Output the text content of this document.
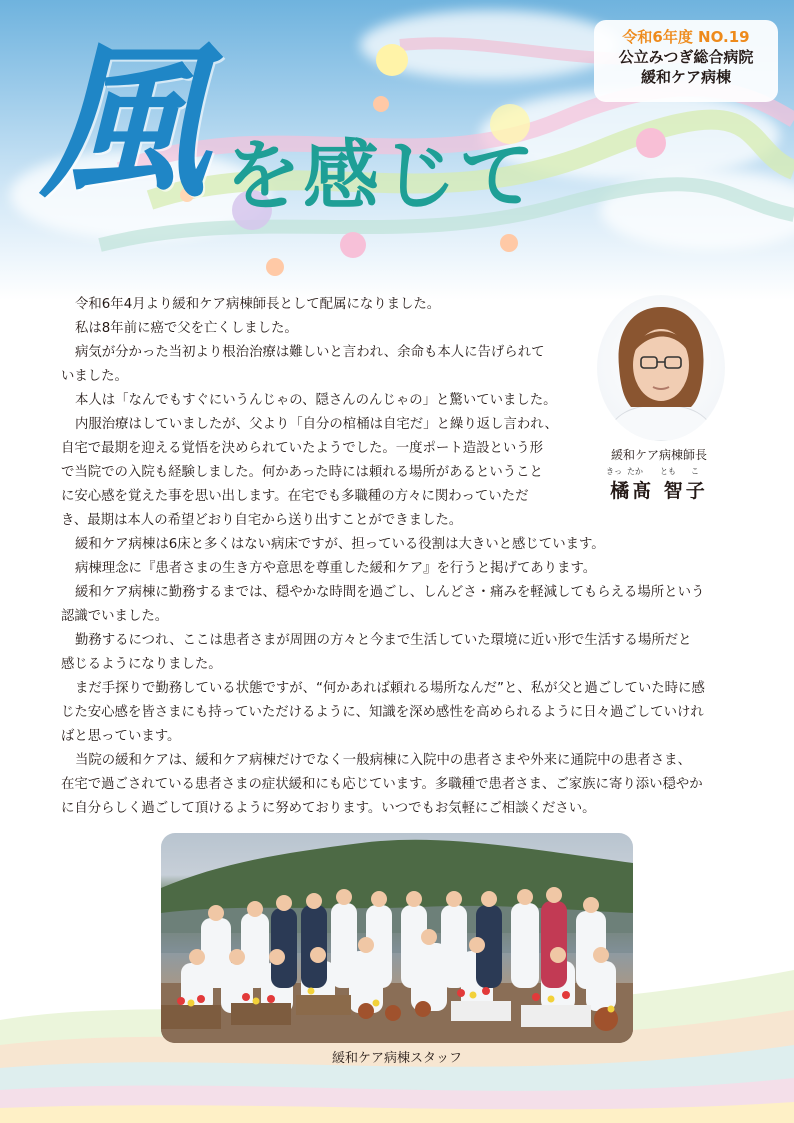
風 を感じて
令和6年度 NO.19
公立みつぎ総合病院
緩和ケア病棟
緩和ケア病棟師長
きっ たか とも こ
橘髙 智子
令和6年4月より緩和ケア病棟師長として配属になりました。
私は8年前に癌で父を亡くしました。
病気が分かった当初より根治治療は難しいと言われ、余命も本人に告げられて
いました。
本人は「なんでもすぐにいうんじゃの、隠さんのんじゃの」と驚いていました。
内服治療はしていましたが、父より「自分の棺桶は自宅だ」と繰り返し言われ、
自宅で最期を迎える覚悟を決められていたようでした。一度ポート造設という形
で当院での入院も経験しました。何かあった時には頼れる場所があるということ
に安心感を覚えた事を思い出します。在宅でも多職種の方々に関わっていただ
き、最期は本人の希望どおり自宅から送り出すことができました。
緩和ケア病棟は6床と多くはない病床ですが、担っている役割は大きいと感じています。
病棟理念に『患者さまの生き方や意思を尊重した緩和ケア』を行うと掲げてあります。
緩和ケア病棟に勤務するまでは、穏やかな時間を過ごし、しんどさ・痛みを軽減してもらえる場所という
認識でいました。
勤務するにつれ、ここは患者さまが周囲の方々と今まで生活していた環境に近い形で生活する場所だと
感じるようになりました。
まだ手探りで勤務している状態ですが、“何かあれば頼れる場所なんだ”と、私が父と過ごしていた時に感
じた安心感を皆さまにも持っていただけるように、知識を深め感性を高められるように日々過ごしていけれ
ばと思っています。
当院の緩和ケアは、緩和ケア病棟だけでなく一般病棟に入院中の患者さまや外来に通院中の患者さま、
在宅で過ごされている患者さまの症状緩和にも応じています。多職種で患者さま、ご家族に寄り添い穏やか
に自分らしく過ごして頂けるように努めております。いつでもお気軽にご相談ください。
緩和ケア病棟スタッフ
